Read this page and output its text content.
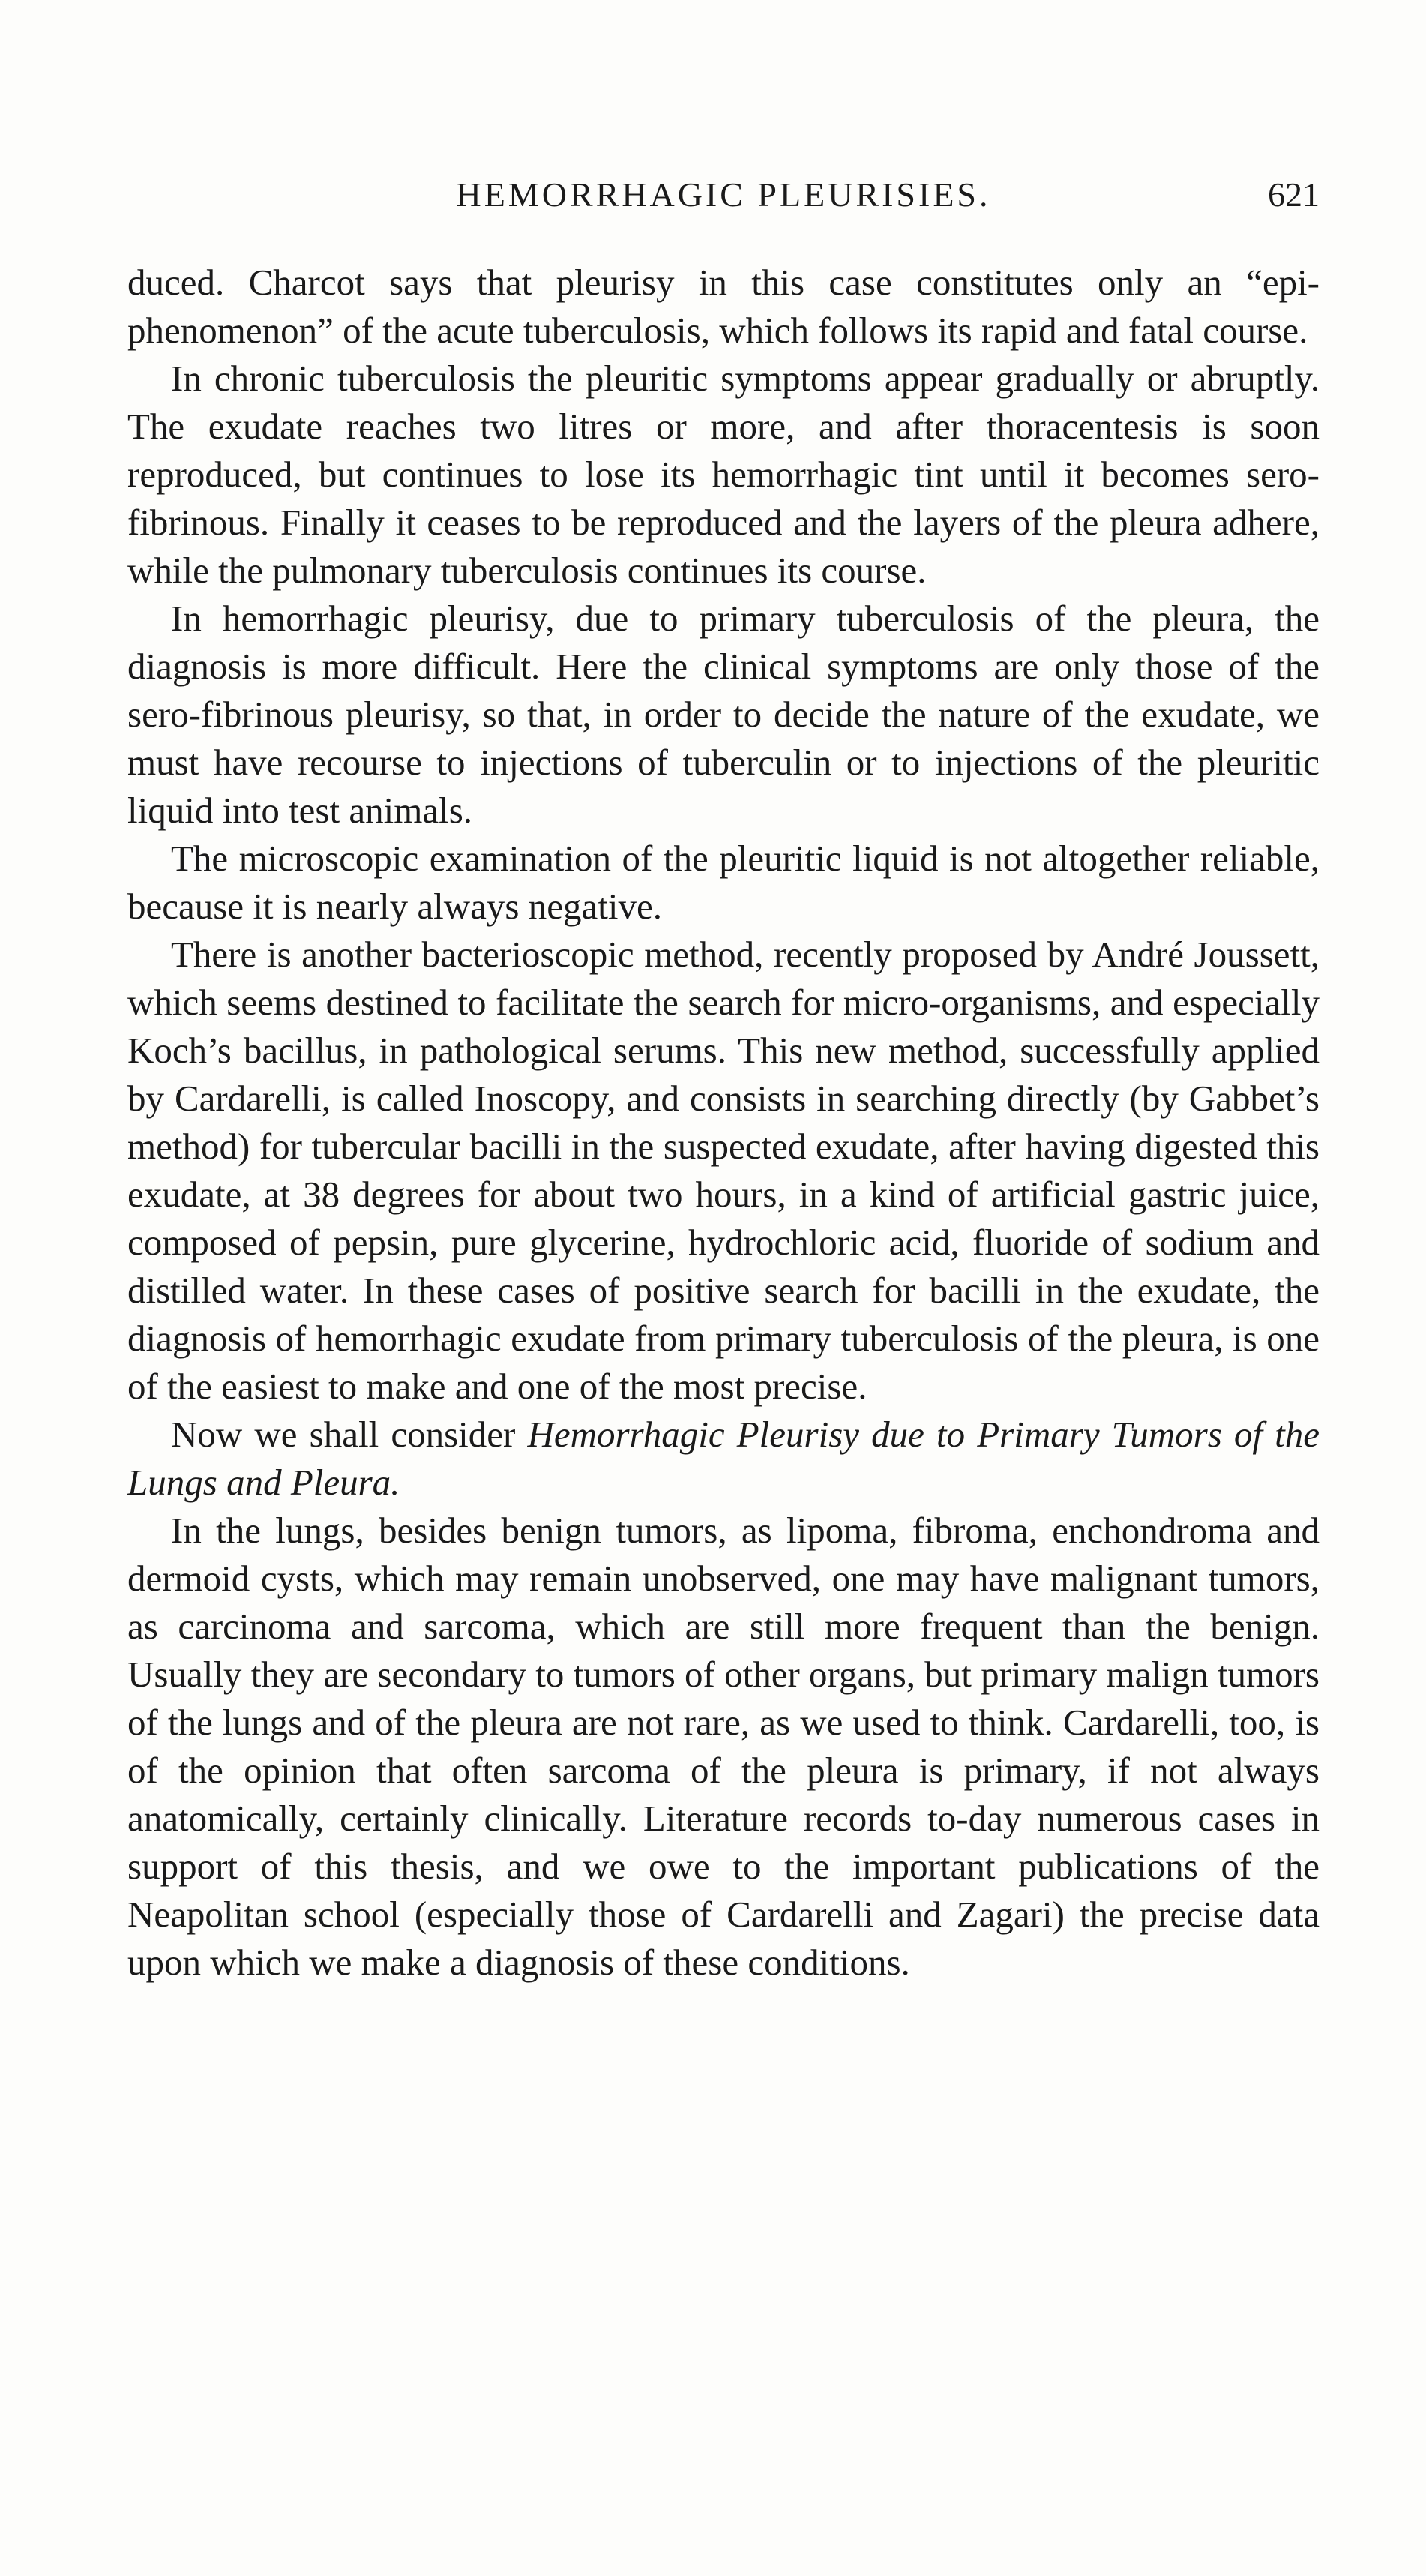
HEMORRHAGIC PLEURISIES.	621

duced. Charcot says that pleurisy in this case constitutes only an “epi-phenomenon” of the acute tuberculosis, which follows its rapid and fatal course.

In chronic tuberculosis the pleuritic symptoms appear gradually or abruptly. The exudate reaches two litres or more, and after thoracentesis is soon reproduced, but continues to lose its hemorrhagic tint until it becomes sero-fibrinous. Finally it ceases to be reproduced and the layers of the pleura adhere, while the pulmonary tuberculosis continues its course.

In hemorrhagic pleurisy, due to primary tuberculosis of the pleura, the diagnosis is more difficult. Here the clinical symptoms are only those of the sero-fibrinous pleurisy, so that, in order to decide the nature of the exudate, we must have recourse to injections of tuberculin or to injections of the pleuritic liquid into test animals.

The microscopic examination of the pleuritic liquid is not altogether reliable, because it is nearly always negative.

There is another bacterioscopic method, recently proposed by André Joussett, which seems destined to facilitate the search for micro-organisms, and especially Koch’s bacillus, in pathological serums. This new method, successfully applied by Cardarelli, is called Inoscopy, and consists in searching directly (by Gabbet’s method) for tubercular bacilli in the suspected exudate, after having digested this exudate, at 38 degrees for about two hours, in a kind of artificial gastric juice, composed of pepsin, pure glycerine, hydrochloric acid, fluoride of sodium and distilled water. In these cases of positive search for bacilli in the exudate, the diagnosis of hemorrhagic exudate from primary tuberculosis of the pleura, is one of the easiest to make and one of the most precise.

Now we shall consider Hemorrhagic Pleurisy due to Primary Tumors of the Lungs and Pleura.

In the lungs, besides benign tumors, as lipoma, fibroma, enchondroma and dermoid cysts, which may remain unobserved, one may have malignant tumors, as carcinoma and sarcoma, which are still more frequent than the benign. Usually they are secondary to tumors of other organs, but primary malign tumors of the lungs and of the pleura are not rare, as we used to think. Cardarelli, too, is of the opinion that often sarcoma of the pleura is primary, if not always anatomically, certainly clinically. Literature records to-day numerous cases in support of this thesis, and we owe to the important publications of the Neapolitan school (especially those of Cardarelli and Zagari) the precise data upon which we make a diagnosis of these conditions.
